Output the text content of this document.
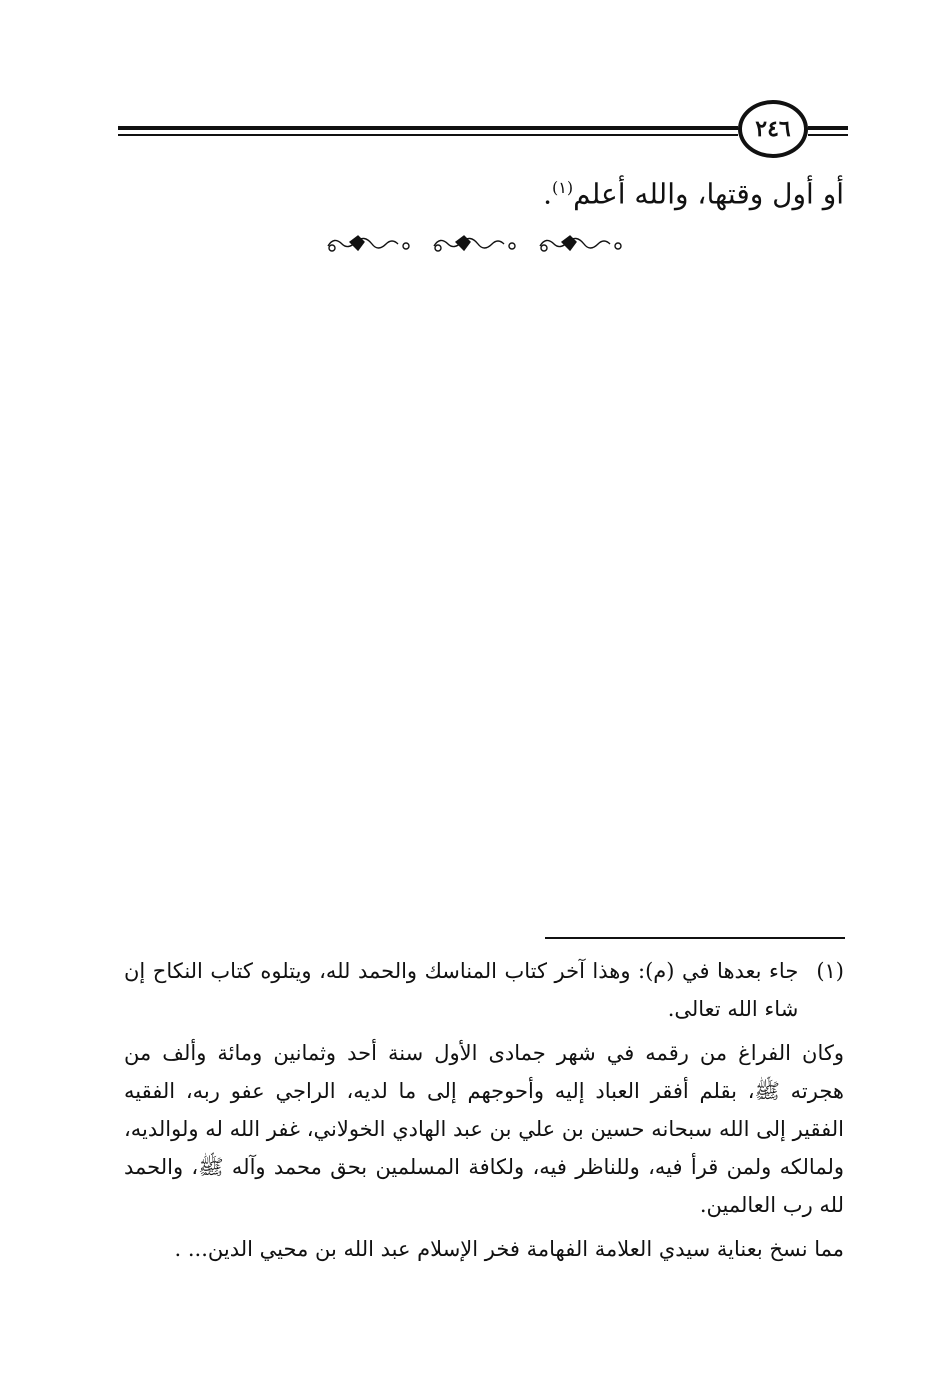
٢٤٦
أو أول وقتها، والله أعلم$^{(١)}$.
(١)
جاء بعدها في (م): وهذا آخر كتاب المناسك والحمد لله، ويتلوه كتاب النكاح إن شاء الله تعالى.

وكان الفراغ من رقمه في شهر جمادى الأول سنة أحد وثمانين ومائة وألف من هجرته ﷺ، بقلم أفقر العباد إليه وأحوجهم إلى ما لديه، الراجي عفو ربه، الفقيه الفقير إلى الله سبحانه حسين بن علي بن عبد الهادي الخولاني، غفر الله له ولوالديه، ولمالكه ولمن قرأ فيه، وللناظر فيه، ولكافة المسلمين بحق محمد وآله ﷺ، والحمد لله رب العالمين.

مما نسخ بعناية سيدي العلامة الفهامة فخر الإسلام عبد الله بن محيي الدين... .
